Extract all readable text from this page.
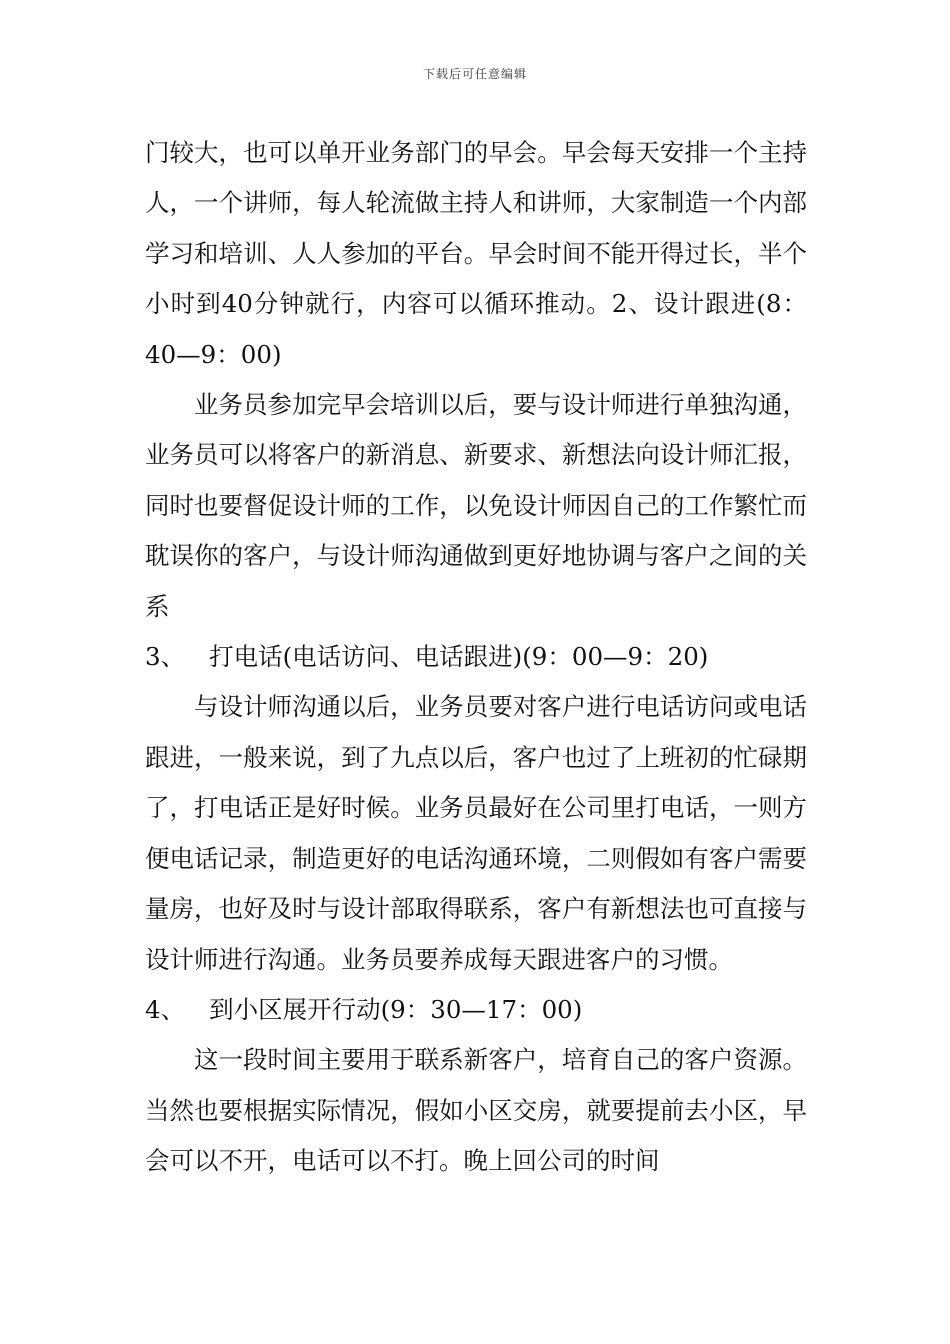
下载后可任意编辑

门较大，也可以单开业务部门的早会。早会每天安排一个主持人，一个讲师，每人轮流做主持人和讲师，大家制造一个内部学习和培训、人人参加的平台。早会时间不能开得过长，半个小时到40分钟就行，内容可以循环推动。2、设计跟进(8：40—9：00)

业务员参加完早会培训以后，要与设计师进行单独沟通，业务员可以将客户的新消息、新要求、新想法向设计师汇报，同时也要督促设计师的工作，以免设计师因自己的工作繁忙而耽误你的客户，与设计师沟通做到更好地协调与客户之间的关系

3、 打电话(电话访问、电话跟进)(9：00—9：20)

与设计师沟通以后，业务员要对客户进行电话访问或电话跟进，一般来说，到了九点以后，客户也过了上班初的忙碌期了，打电话正是好时候。业务员最好在公司里打电话，一则方便电话记录，制造更好的电话沟通环境，二则假如有客户需要量房，也好及时与设计部取得联系，客户有新想法也可直接与设计师进行沟通。业务员要养成每天跟进客户的习惯。

4、 到小区展开行动(9：30—17：00)

这一段时间主要用于联系新客户，培育自己的客户资源。当然也要根据实际情况，假如小区交房，就要提前去小区，早会可以不开，电话可以不打。晚上回公司的时间
